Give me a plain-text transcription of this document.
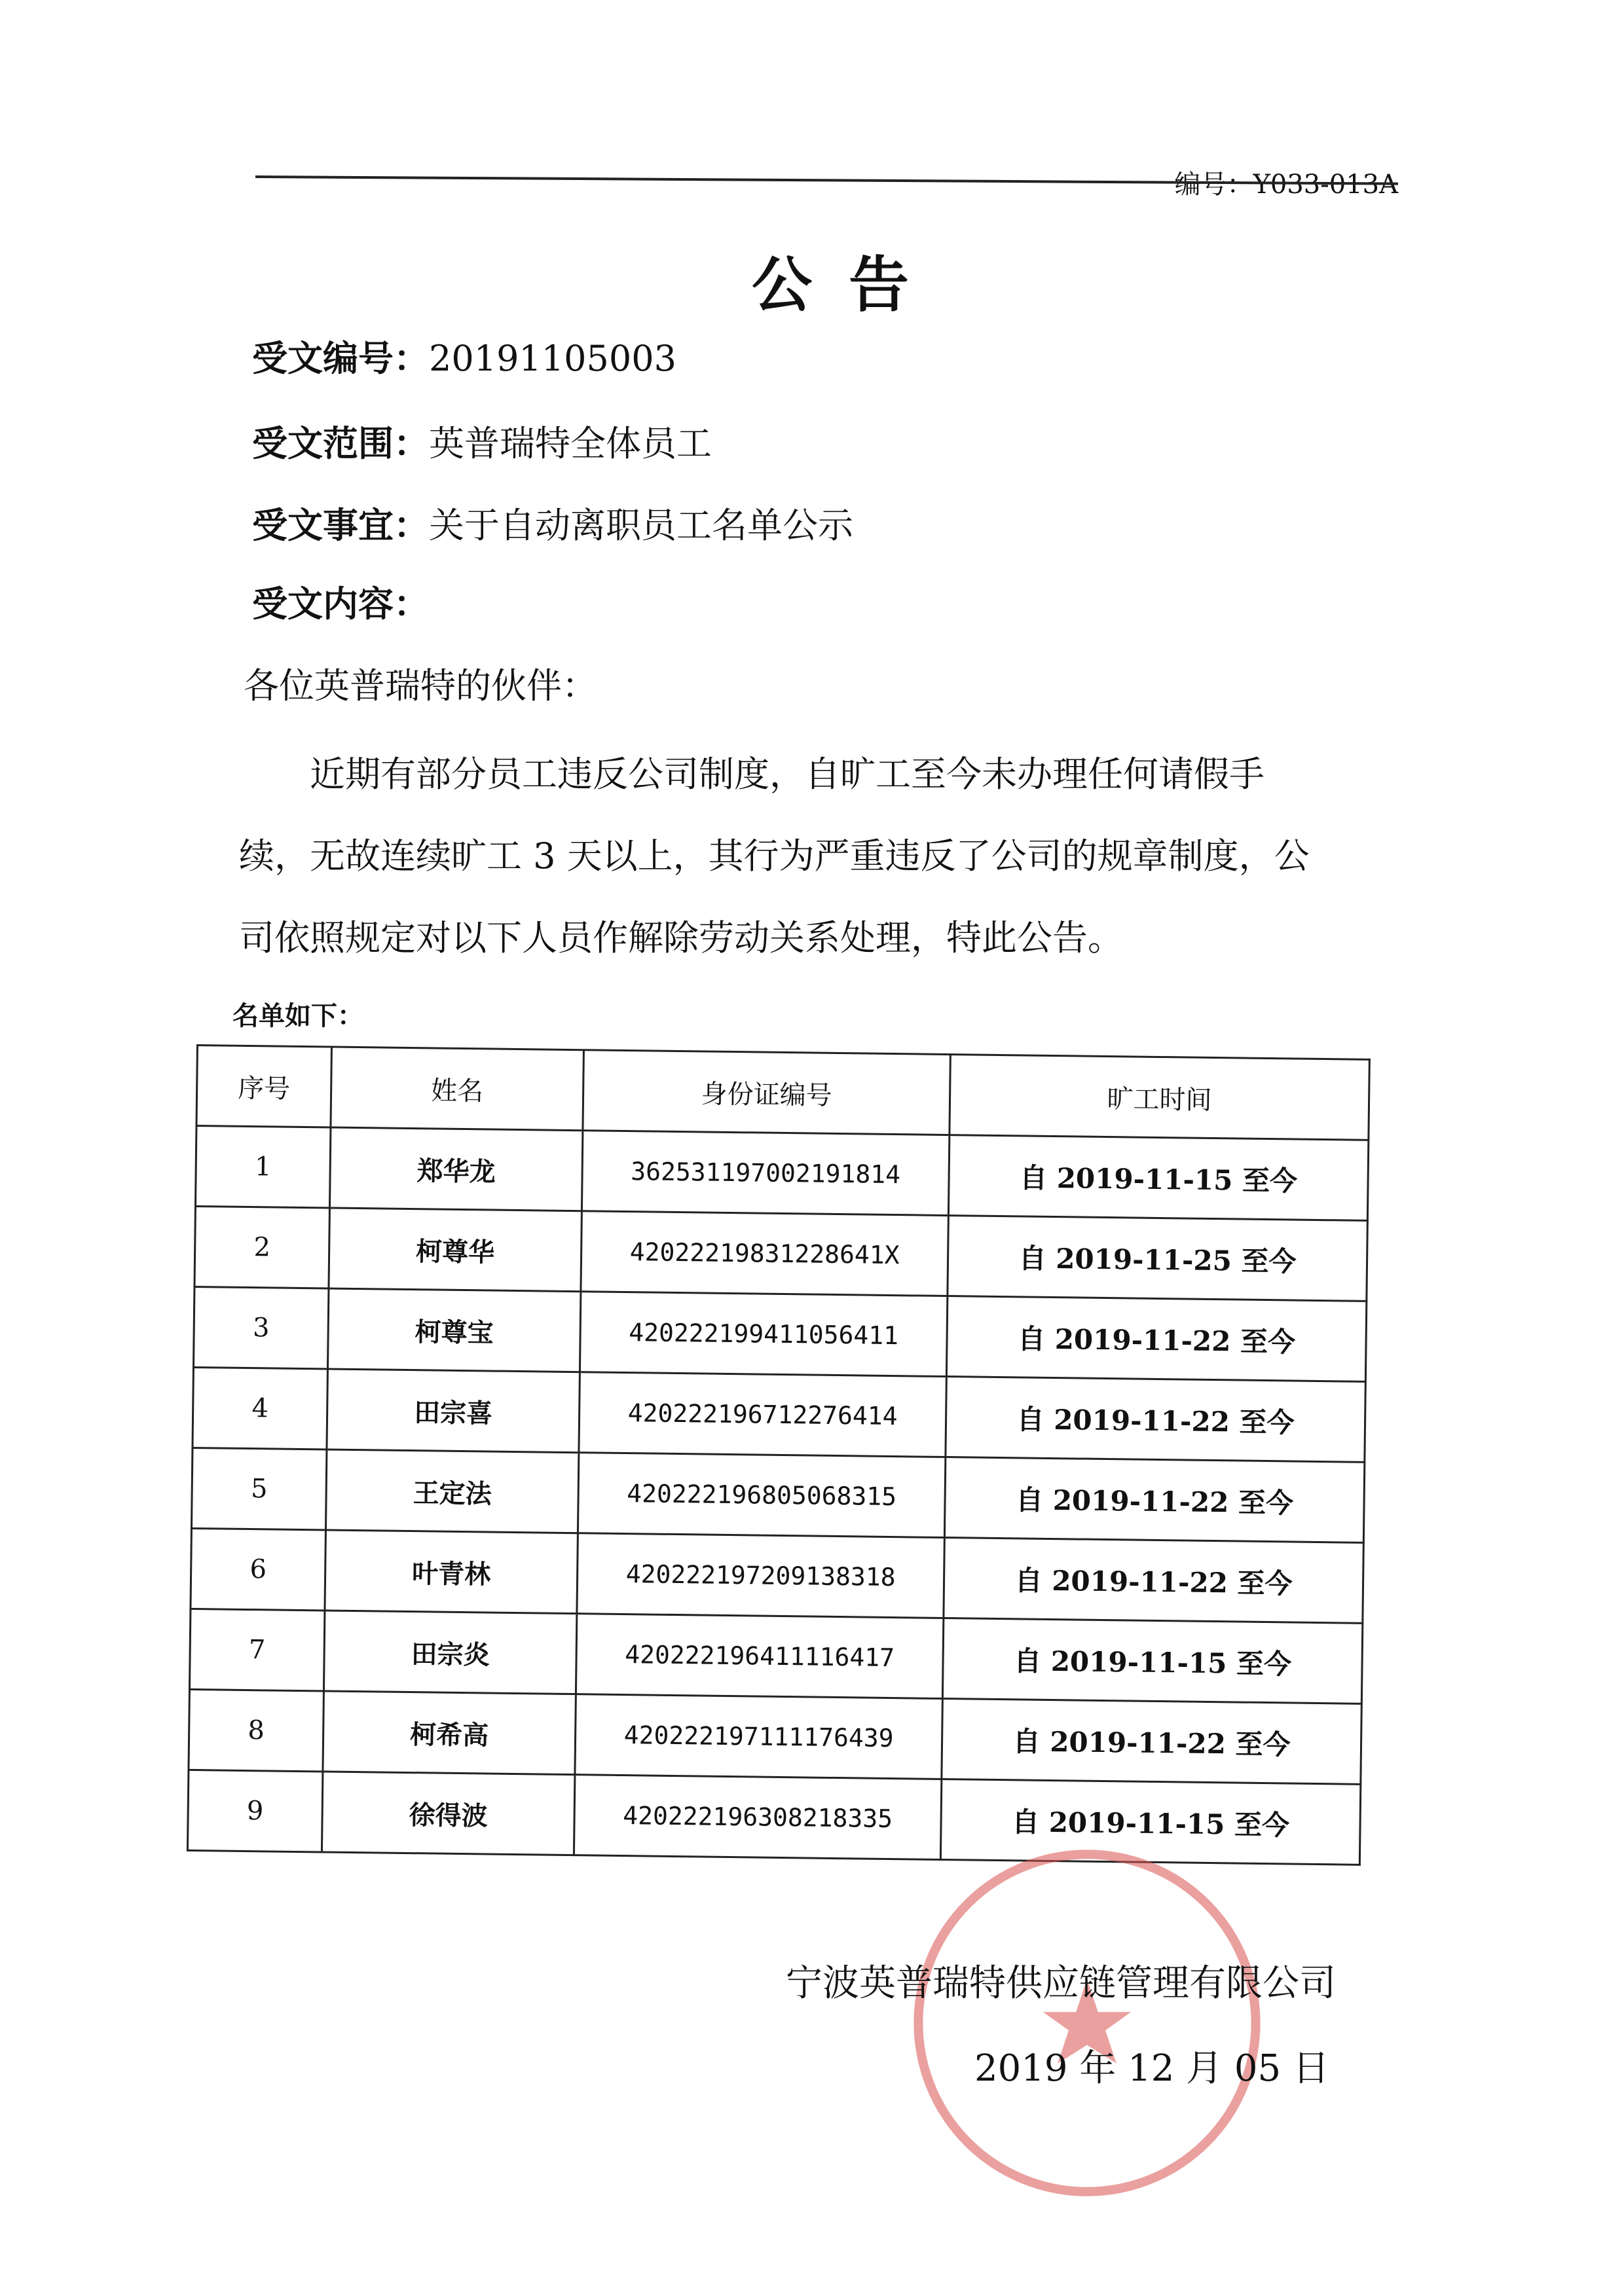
编号：Y033-013A
公告
受文编号：20191105003
受文范围：英普瑞特全体员工
受文事宜：关于自动离职员工名单公示
受文内容：
各位英普瑞特的伙伴：
　　近期有部分员工违反公司制度，自旷工至今未办理任何请假手
续，无故连续旷工 3 天以上，其行为严重违反了公司的规章制度，公
司依照规定对以下人员作解除劳动关系处理，特此公告。
名单如下：
序号	姓名	身份证编号	旷工时间
1	郑华龙	362531197002191814	自 2019-11-15 至今
2	柯尊华	42022219831228641X	自 2019-11-25 至今
3	柯尊宝	420222199411056411	自 2019-11-22 至今
4	田宗喜	420222196712276414	自 2019-11-22 至今
5	王定法	420222196805068315	自 2019-11-22 至今
6	叶青林	420222197209138318	自 2019-11-22 至今
7	田宗炎	420222196411116417	自 2019-11-15 至今
8	柯希高	420222197111176439	自 2019-11-22 至今
9	徐得波	420222196308218335	自 2019-11-15 至今
宁波英普瑞特供应链管理有限公司
2019 年 12 月 05 日
